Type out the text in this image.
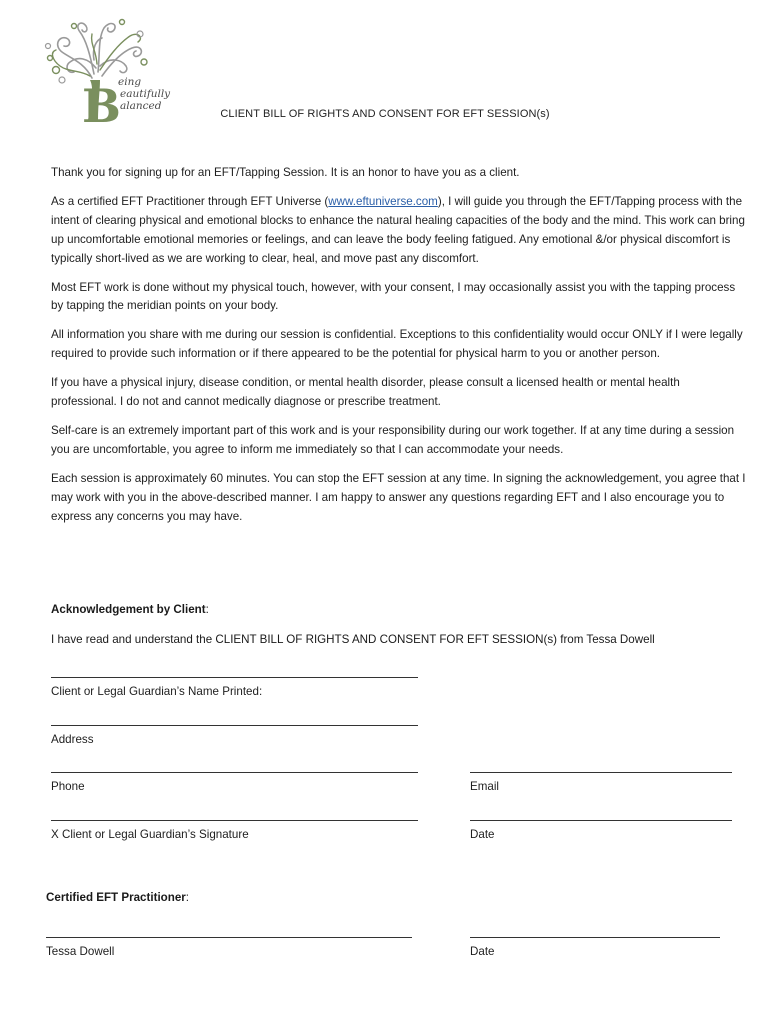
B
eing
eautifully
alanced
CLIENT BILL OF RIGHTS AND CONSENT FOR EFT SESSION(s)

Thank you for signing up for an EFT/Tapping Session. It is an honor to have you as a client.

As a certified EFT Practitioner through EFT Universe (www.eftuniverse.com), I will guide you through the EFT/Tapping process with the intent of clearing physical and emotional blocks to enhance the natural healing capacities of the body and the mind. This work can bring up uncomfortable emotional memories or feelings, and can leave the body feeling fatigued. Any emotional &/or physical discomfort is typically short-lived as we are working to clear, heal, and move past any discomfort.

Most EFT work is done without my physical touch, however, with your consent, I may occasionally assist you with the tapping process by tapping the meridian points on your body.

All information you share with me during our session is confidential. Exceptions to this confidentiality would occur ONLY if I were legally required to provide such information or if there appeared to be the potential for physical harm to you or another person.

If you have a physical injury, disease condition, or mental health disorder, please consult a licensed health or mental health professional. I do not and cannot medically diagnose or prescribe treatment.

Self-care is an extremely important part of this work and is your responsibility during our work together. If at any time during a session you are uncomfortable, you agree to inform me immediately so that I can accommodate your needs.

Each session is approximately 60 minutes. You can stop the EFT session at any time. In signing the acknowledgement, you agree that I may work with you in the above-described manner. I am happy to answer any questions regarding EFT and I also encourage you to express any concerns you may have.

Acknowledgement by Client:
I have read and understand the CLIENT BILL OF RIGHTS AND CONSENT FOR EFT SESSION(s) from Tessa Dowell
Client or Legal Guardian’s Name Printed:
Address
Phone	Email
X Client or Legal Guardian’s Signature	Date
Certified EFT Practitioner:
Tessa Dowell	Date
